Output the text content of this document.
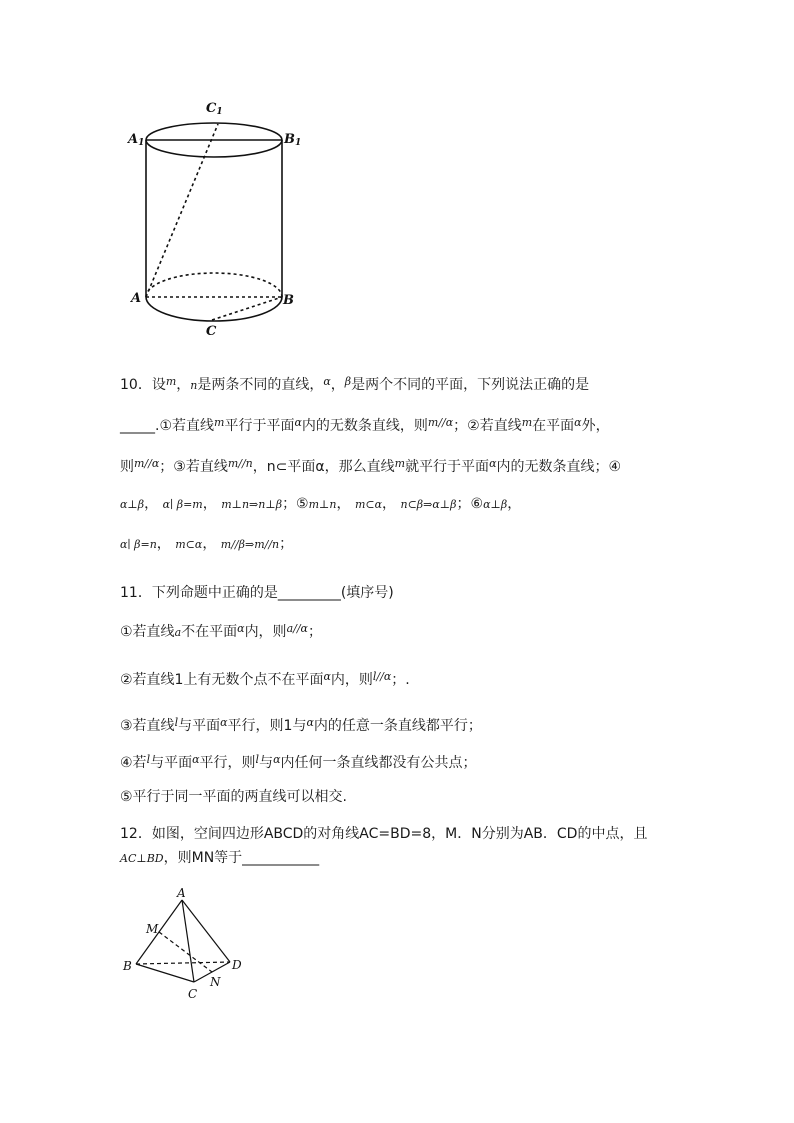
C1
A1	B1
A	B
C
10．设$^m$，n是两条不同的直线，$^\alpha$，$^\beta$是两个不同的平面，下列说法正确的是
_____.①若直线$^m$平行于平面$^\alpha$内的无数条直线，则$^{m//\alpha}$；②若直线$^m$在平面$^\alpha$外，
则$^{m//\alpha}$；③若直线$^{m//n}$，n⊂平面α，那么直线$^m$就平行于平面$^\alpha$内的无数条直线；④
α⊥β， α∣ β=m， m⊥n⇒n⊥β；⑤m⊥n， m⊂α， n⊂β⇒α⊥β；⑥α⊥β，
α∣ β=n， m⊂α， m//β⇒m//n；
11．下列命题中正确的是_________(填序号)
①若直线a不在平面$^\alpha$内，则$^{a//\alpha}$；
②若直线1上有无数个点不在平面$^\alpha$内，则$^{l//\alpha}$；.
③若直线$^l$与平面$^\alpha$平行，则1与$^\alpha$内的任意一条直线都平行；
④若$^l$与平面$^\alpha$平行，则$^l$与$^\alpha$内任何一条直线都没有公共点；
⑤平行于同一平面的两直线可以相交.
12．如图，空间四边形ABCD的对角线AC=BD=8，M．N分别为AB．CD的中点，且
AC⊥BD，则MN等于___________
A
M
B	D
N
C
